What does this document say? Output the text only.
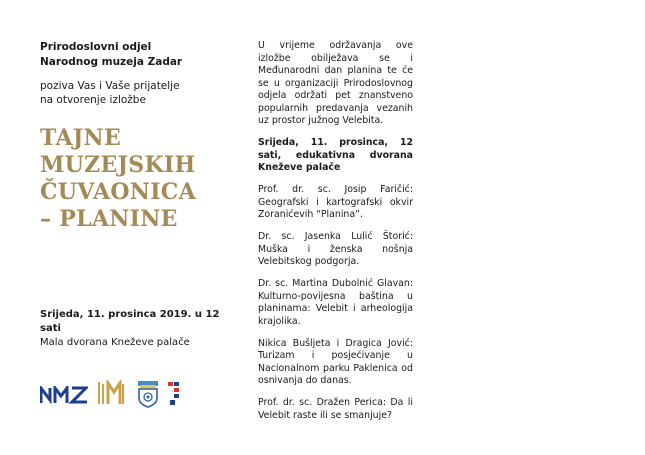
Prirodoslovni odjel
Narodnog muzeja Zadar

poziva Vas i Vaše prijatelje
na otvorenje izložbe

TAJNE
MUZEJSKIH
ČUVAONICA
– PLANINE

Srijeda, 11. prosinca 2019. u 12 sati
Mala dvorana Kneževe palače

U vrijeme održavanja ove izložbe obilježava se i Međunarodni dan planina te će se u organizaciji Prirodoslovnog odjela održati pet znanstveno popularnih predavanja vezanih uz prostor južnog Velebita.

Srijeda, 11. prosinca, 12 sati, edukativna dvorana Kneževe palače

Prof. dr. sc. Josip Faričić: Geografski i kartografski okvir Zoranićevih “Planina”.

Dr. sc. Jasenka Lulić Štorić: Muška i ženska nošnja Velebitskog podgorja.

Dr. sc. Martina Dubolnić Glavan: Kulturno-povijesna baština u planinama: Velebit i arheologija krajolika.

Nikica Bušljeta i Dragica Jović: Turizam i posjećivanje u Nacionalnom parku Paklenica od osnivanja do danas.

Prof. dr. sc. Dražen Perica: Da li Velebit raste ili se smanjuje?
